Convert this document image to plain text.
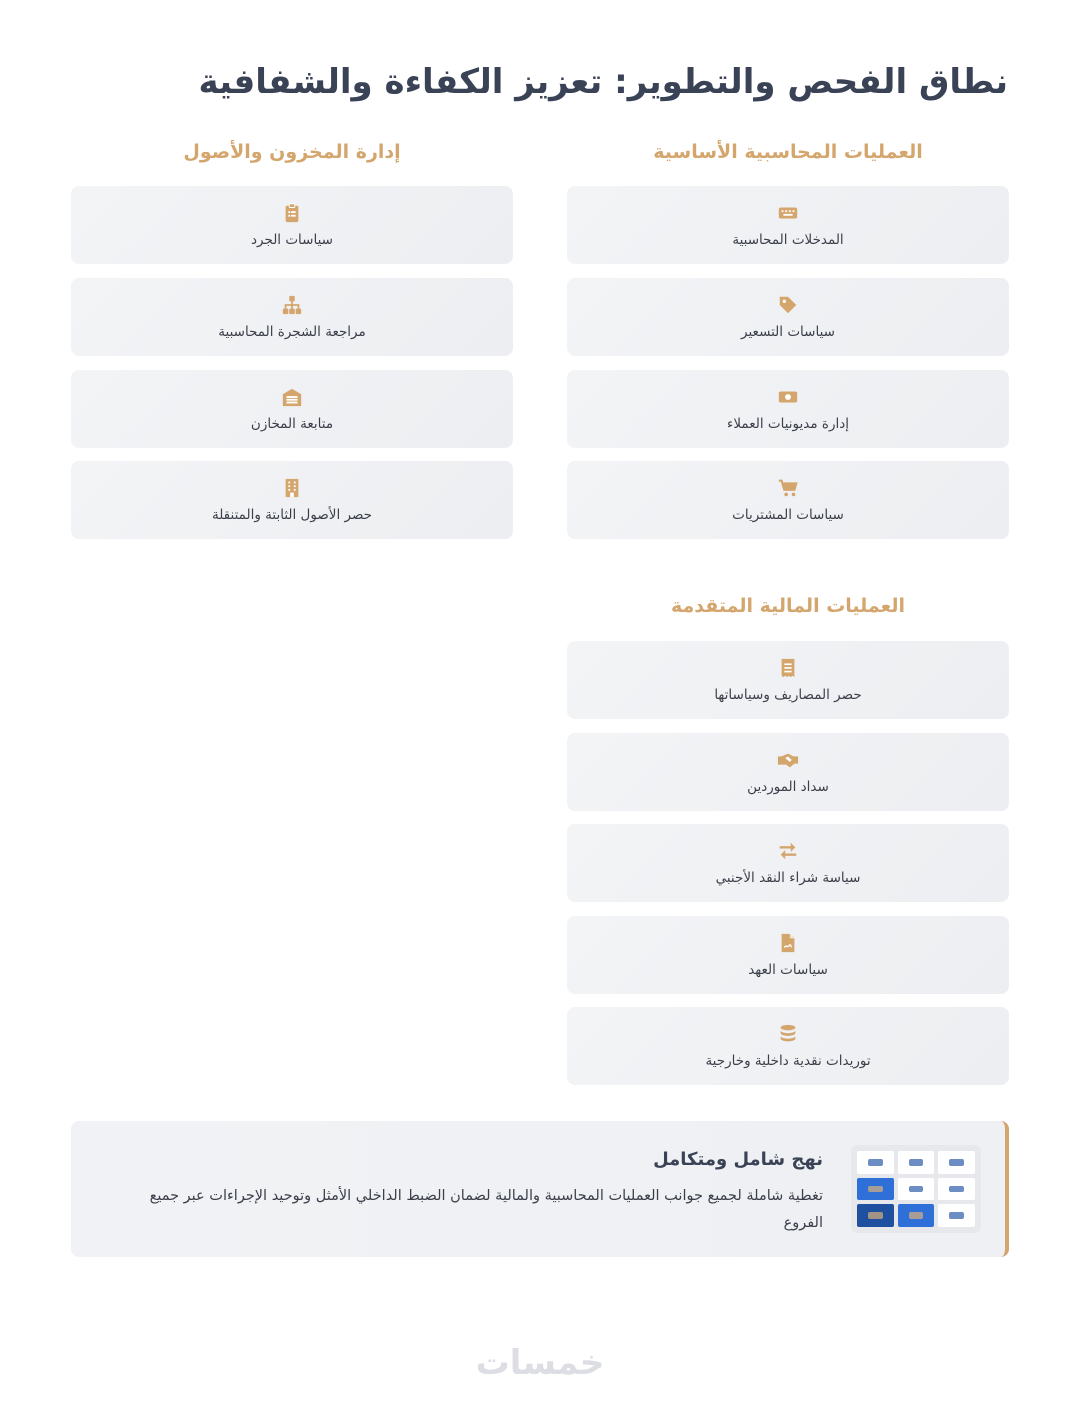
نطاق الفحص والتطوير: تعزيز الكفاءة والشفافية
العمليات المحاسبية الأساسية
إدارة المخزون والأصول
العمليات المالية المتقدمة
المدخلات المحاسبية
سياسات التسعير
إدارة مديونيات العملاء
سياسات المشتريات
سياسات الجرد
مراجعة الشجرة المحاسبية
متابعة المخازن
حصر الأصول الثابتة والمتنقلة
حصر المصاريف وسياساتها
سداد الموردين
سياسة شراء النقد الأجنبي
سياسات العهد
توريدات نقدية داخلية وخارجية
نهج شامل ومتكامل
تغطية شاملة لجميع جوانب العمليات المحاسبية والمالية لضمان الضبط الداخلي الأمثل وتوحيد الإجراءات عبر جميع الفروع
خمسات
